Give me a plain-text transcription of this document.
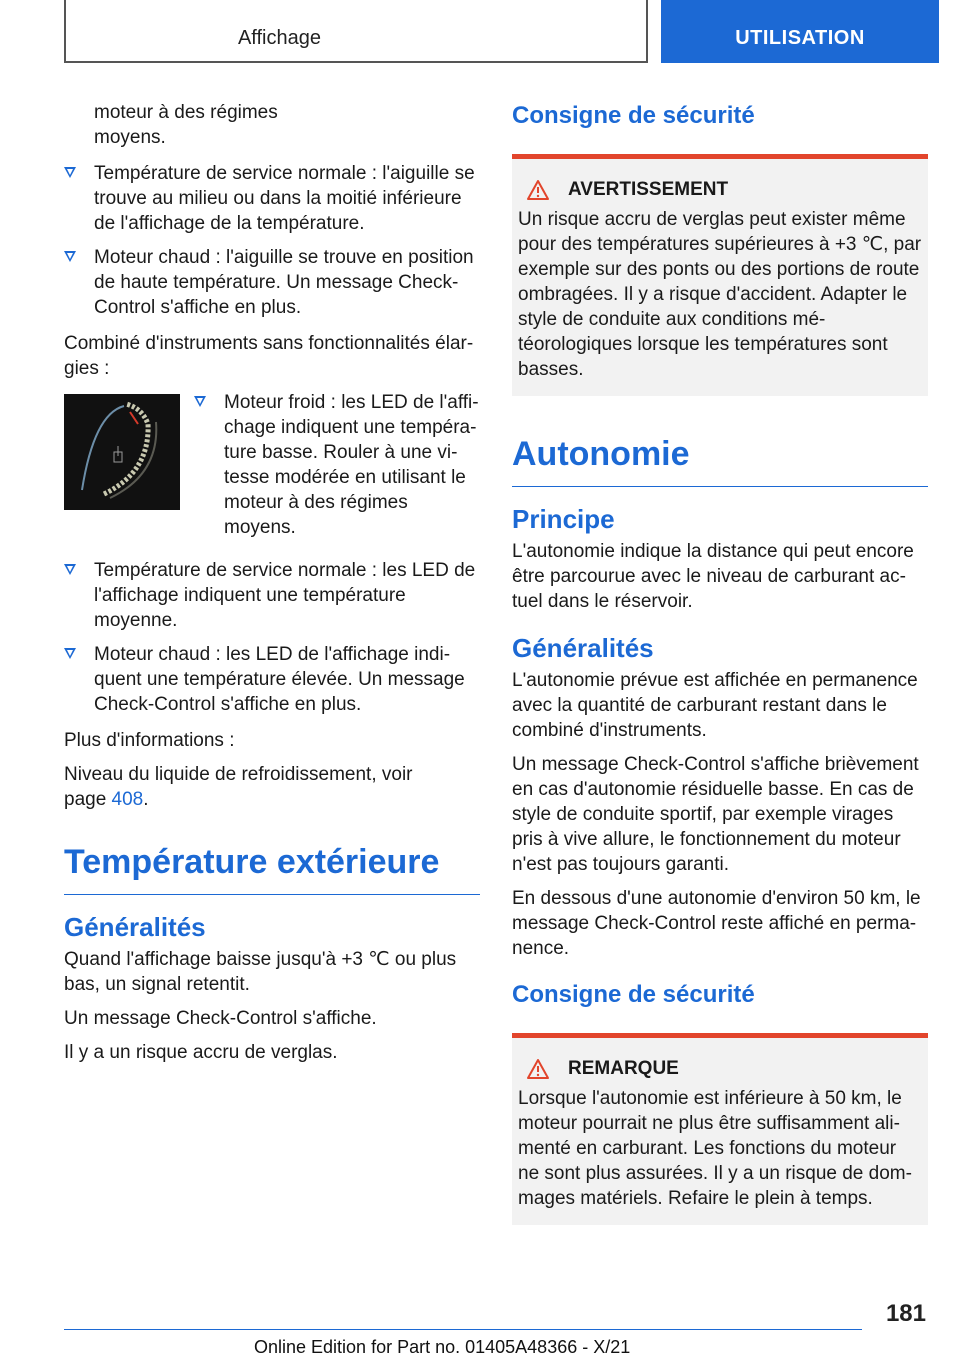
Affichage	UTILISATION
moteur à des régimes moyens.
Température de service normale : l'aiguille se trouve au milieu ou dans la moitié inférieure de l'affichage de la température.
Moteur chaud : l'aiguille se trouve en position de haute température. Un message Check-Control s'affiche en plus.

Combiné d'instruments sans fonctionnalités élargies :

Moteur froid : les LED de l'affichage indiquent une température basse. Rouler à une vitesse modérée en utilisant le moteur à des régimes moyens.
Température de service normale : les LED de l'affichage indiquent une température moyenne.
Moteur chaud : les LED de l'affichage indiquent une température élevée. Un message Check-Control s'affiche en plus.

Plus d'informations :

Niveau du liquide de refroidissement, voir page 408.

Température extérieure
Généralités

Quand l'affichage baisse jusqu'à +3 ℃ ou plus bas, un signal retentit.

Un message Check-Control s'affiche.

Il y a un risque accru de verglas.

Consigne de sécurité
AVERTISSEMENT

Un risque accru de verglas peut exister même pour des températures supérieures à +3 ℃, par exemple sur des ponts ou des portions de route ombragées. Il y a risque d'accident. Adapter le style de conduite aux conditions météorologiques lorsque les températures sont basses.

Autonomie
Principe

L'autonomie indique la distance qui peut encore être parcourue avec le niveau de carburant actuel dans le réservoir.

Généralités

L'autonomie prévue est affichée en permanence avec la quantité de carburant restant dans le combiné d'instruments.

Un message Check-Control s'affiche brièvement en cas d'autonomie résiduelle basse. En cas de style de conduite sportif, par exemple virages pris à vive allure, le fonctionnement du moteur n'est pas toujours garanti.

En dessous d'une autonomie d'environ 50 km, le message Check-Control reste affiché en permanence.

Consigne de sécurité
REMARQUE

Lorsque l'autonomie est inférieure à 50 km, le moteur pourrait ne plus être suffisamment alimenté en carburant. Les fonctions du moteur ne sont plus assurées. Il y a un risque de dommages matériels. Refaire le plein à temps.

181
Online Edition for Part no. 01405A48366 - X/21
